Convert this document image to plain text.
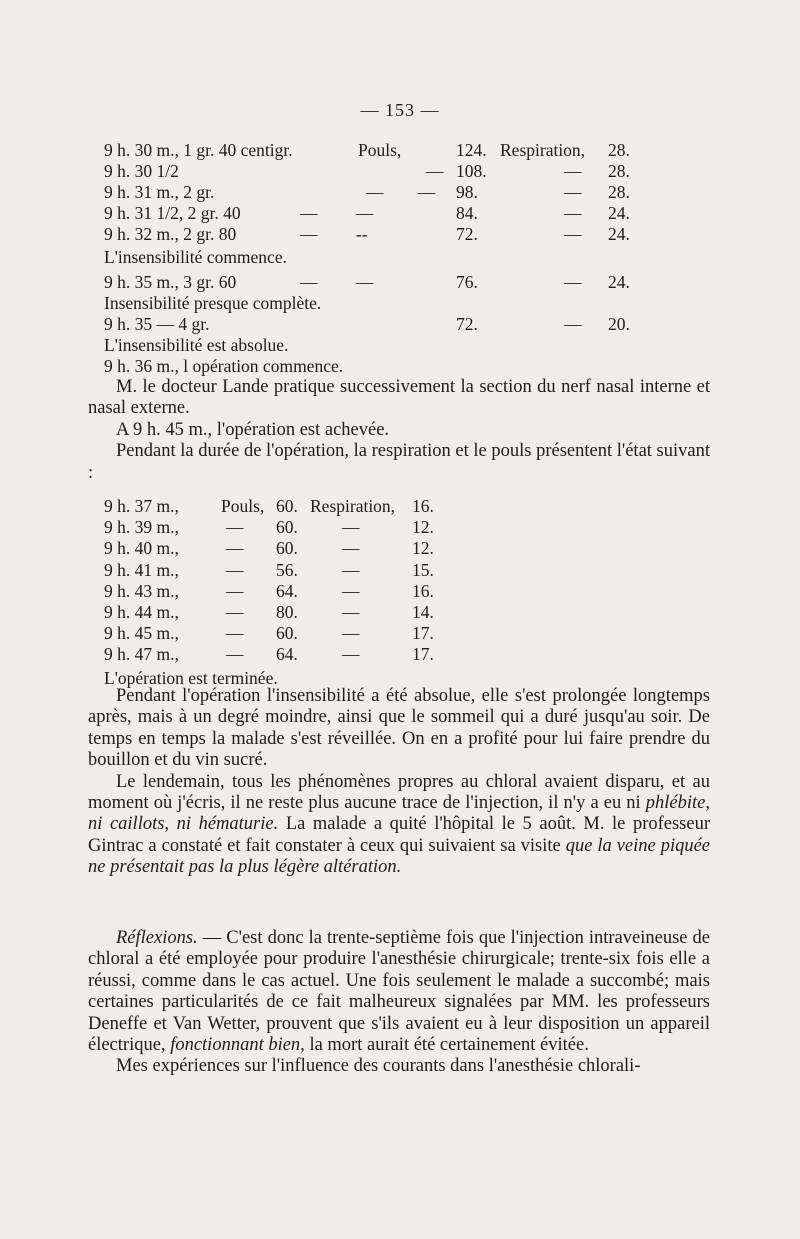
— 153 —
9 h. 30 m., 1 gr. 40 centigr.	Pouls,	124. Respiration, 28.
9 h. 30 1/2	— 108.	— 28.
9 h. 31 m., 2 gr.	— — 98.	— 28.
9 h. 31 1/2, 2 gr. 40	— —	84.	— 24.
9 h. 32 m., 2 gr. 80	— --	72.	— 24.
L'insensibilité commence.
9 h. 35 m., 3 gr. 60	— —	76.	— 24.
Insensibilité presque complète.
9 h. 35 — 4 gr.	72.	— 20.
L'insensibilité est absolue.
9 h. 36 m., l opération commence.

M. le docteur Lande pratique successivement la section du nerf nasal interne et nasal externe.

A 9 h. 45 m., l'opération est achevée.

Pendant la durée de l'opération, la respiration et le pouls présentent l'état suivant :

9 h. 37 m., Pouls, 60. Respiration, 16.
9 h. 39 m.,	— 60.	—	12.
9 h. 40 m.,	— 60.	—	12.
9 h. 41 m.,	— 56.	—	15.
9 h. 43 m.,	— 64.	—	16.
9 h. 44 m.,	— 80.	—	14.
9 h. 45 m.,	— 60.	—	17.
9 h. 47 m.,	— 64.	—	17.
L'opération est terminée.

Pendant l'opération l'insensibilité a été absolue, elle s'est prolongée longtemps après, mais à un degré moindre, ainsi que le sommeil qui a duré jusqu'au soir. De temps en temps la malade s'est réveillée. On en a profité pour lui faire prendre du bouillon et du vin sucré.

Le lendemain, tous les phénomènes propres au chloral avaient disparu, et au moment où j'écris, il ne reste plus aucune trace de l'injection, il n'y a eu ni phlébite, ni caillots, ni hématurie. La malade a quité l'hôpital le 5 août. M. le professeur Gintrac a constaté et fait constater à ceux qui suivaient sa visite que la veine piquée ne présentait pas la plus légère altération.

Réflexions. — C'est donc la trente-septième fois que l'injection intraveineuse de chloral a été employée pour produire l'anesthésie chirurgicale; trente-six fois elle a réussi, comme dans le cas actuel. Une fois seulement le malade a succombé; mais certaines particularités de ce fait malheureux signalées par MM. les professeurs Deneffe et Van Wetter, prouvent que s'ils avaient eu à leur disposition un appareil électrique, fonctionnant bien, la mort aurait été certainement évitée.

Mes expériences sur l'influence des courants dans l'anesthésie chlorali-
